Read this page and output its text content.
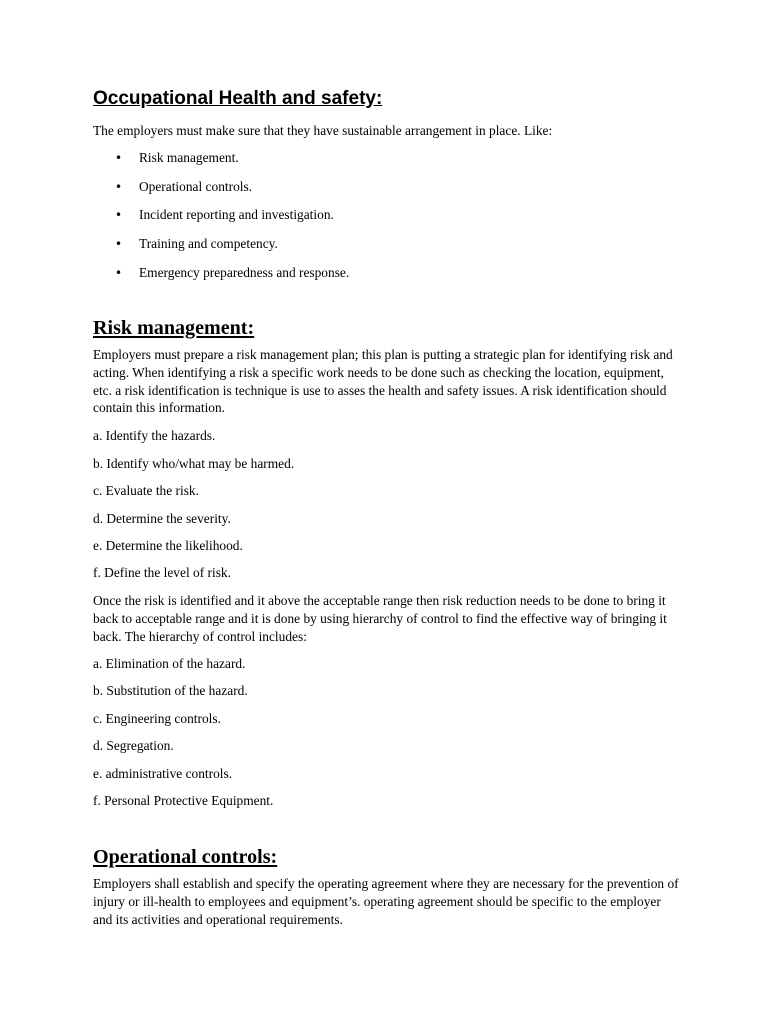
Occupational Health and safety:

The employers must make sure that they have sustainable arrangement in place. Like:

• Risk management.
• Operational controls.
• Incident reporting and investigation.
• Training and competency.
• Emergency preparedness and response.
Risk management:

Employers must prepare a risk management plan; this plan is putting a strategic plan for identifying risk and acting. When identifying a risk a specific work needs to be done such as checking the location, equipment, etc. a risk identification is technique is use to asses the health and safety issues. A risk identification should contain this information.

a. Identify the hazards.

b. Identify who/what may be harmed.

c. Evaluate the risk.

d. Determine the severity.

e. Determine the likelihood.

f. Define the level of risk.

Once the risk is identified and it above the acceptable range then risk reduction needs to be done to bring it back to acceptable range and it is done by using hierarchy of control to find the effective way of bringing it back. The hierarchy of control includes:

a. Elimination of the hazard.

b. Substitution of the hazard.

c. Engineering controls.

d. Segregation.

e. administrative controls.

f. Personal Protective Equipment.

Operational controls:

Employers shall establish and specify the operating agreement where they are necessary for the prevention of injury or ill-health to employees and equipment’s. operating agreement should be specific to the employer and its activities and operational requirements.
